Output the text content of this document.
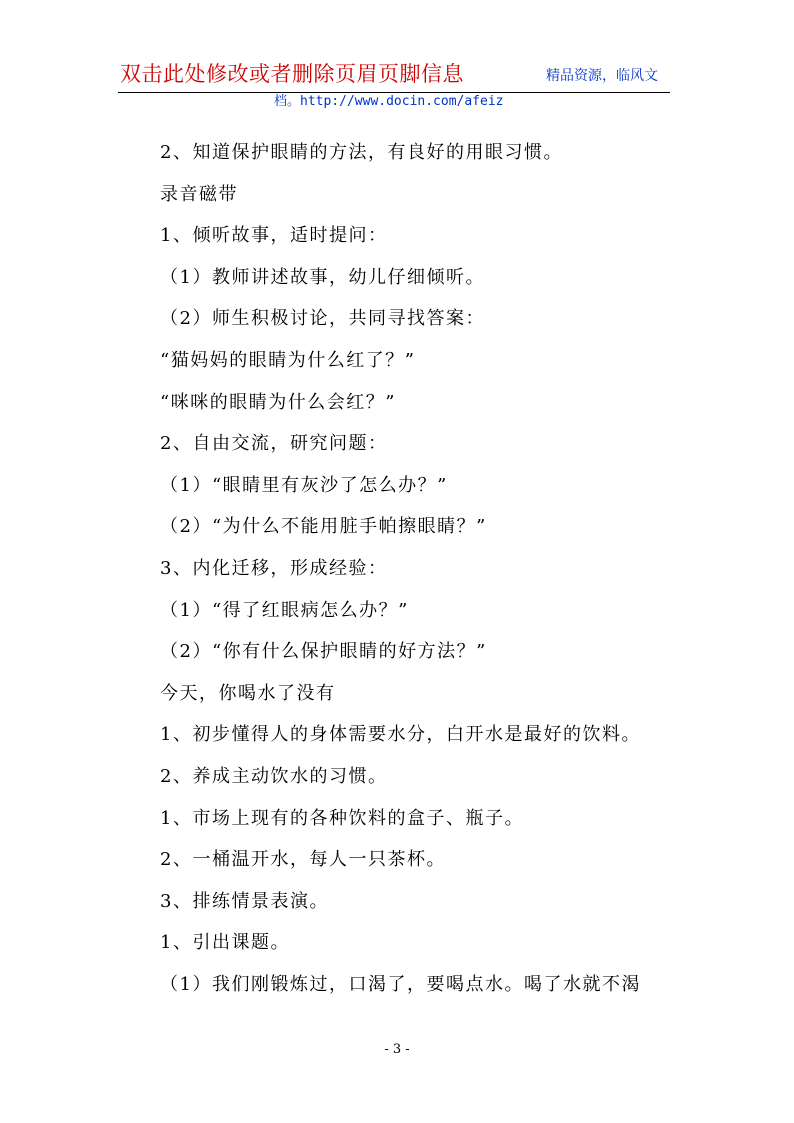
双击此处修改或者删除页眉页脚信息	精品资源，临风文
档。http://www.docin.com/afeiz
2、知道保护眼睛的方法，有良好的用眼习惯。
录音磁带
1、倾听故事，适时提问：
（1）教师讲述故事，幼儿仔细倾听。
（2）师生积极讨论，共同寻找答案：
“猫妈妈的眼睛为什么红了？”
“咪咪的眼睛为什么会红？”
2、自由交流，研究问题：
（1）“眼睛里有灰沙了怎么办？”
（2）“为什么不能用脏手帕擦眼睛？”
3、内化迁移，形成经验：
（1）“得了红眼病怎么办？”
（2）“你有什么保护眼睛的好方法？”
今天，你喝水了没有
1、初步懂得人的身体需要水分，白开水是最好的饮料。
2、养成主动饮水的习惯。
1、市场上现有的各种饮料的盒子、瓶子。
2、一桶温开水，每人一只茶杯。
3、排练情景表演。
1、引出课题。
（1）我们刚锻炼过，口渴了，要喝点水。喝了水就不渴
- 3 -
